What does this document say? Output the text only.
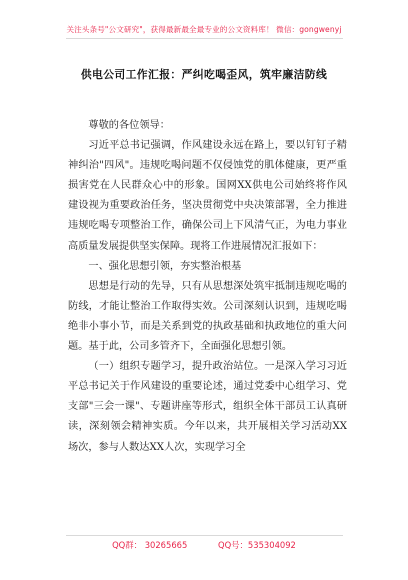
关注头条号"公文研究"，获得最新最全最专业的公文资料库！ 微信：gongwenyj
供电公司工作汇报：严纠吃喝歪风，筑牢廉洁防线

尊敬的各位领导：

习近平总书记强调，作风建设永远在路上，要以钉钉子精神纠治"四风"。违规吃喝问题不仅侵蚀党的肌体健康，更严重损害党在人民群众心中的形象。国网XX供电公司始终将作风建设视为重要政治任务，坚决贯彻党中央决策部署，全力推进违规吃喝专项整治工作，确保公司上下风清气正，为电力事业高质量发展提供坚实保障。现将工作进展情况汇报如下：

一、强化思想引领，夯实整治根基

思想是行动的先导，只有从思想深处筑牢抵制违规吃喝的防线，才能让整治工作取得实效。公司深刻认识到，违规吃喝绝非小事小节，而是关系到党的执政基础和执政地位的重大问题。基于此，公司多管齐下，全面强化思想引领。

（一）组织专题学习，提升政治站位。一是深入学习习近平总书记关于作风建设的重要论述，通过党委中心组学习、党支部"三会一课"、专题讲座等形式，组织全体干部员工认真研读，深刻领会精神实质。今年以来，共开展相关学习活动XX场次，参与人数达XX人次，实现学习全

QQ群： 30265665	QQ号：535304092
